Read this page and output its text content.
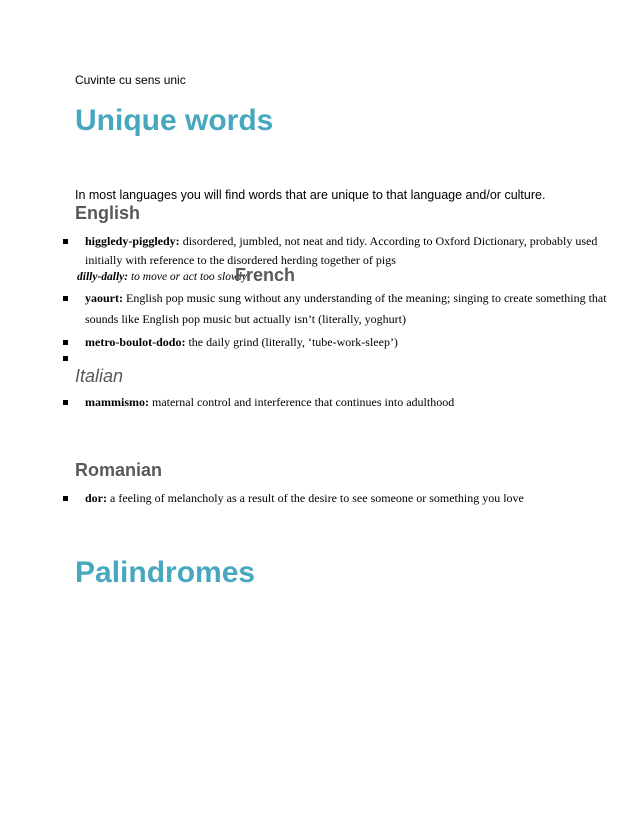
Cuvinte cu sens unic
Unique words
In most languages you will find words that are unique to that language and/or culture.
English
higgledy-piggledy: disordered, jumbled, not neat and tidy. According to Oxford Dictionary, probably used
initially with reference to the disordered herding together of pigs
dilly-dally: to move or act too slowly
French
yaourt: English pop music sung without any understanding of the meaning; singing to create something that
sounds like English pop music but actually isn’t (literally, yoghurt)
metro-boulot-dodo: the daily grind (literally, ‘tube-work-sleep’)
Italian
mammismo: maternal control and interference that continues into adulthood
Romanian
dor: a feeling of melancholy as a result of the desire to see someone or something you love
Palindromes
